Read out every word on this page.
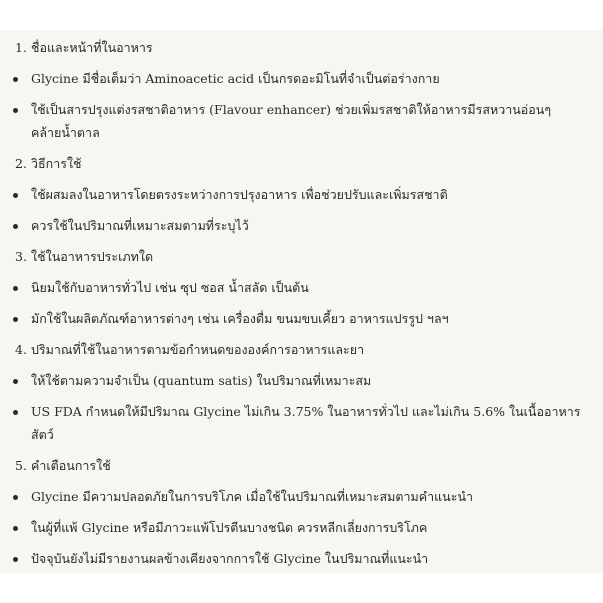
1. ชื่อและหน้าที่ในอาหาร
Glycine มีชื่อเต็มว่า Aminoacetic acid เป็นกรดอะมิโนที่จำเป็นต่อร่างกาย
ใช้เป็นสารปรุงแต่งรสชาติอาหาร (Flavour enhancer) ช่วยเพิ่มรสชาติให้อาหารมีรสหวานอ่อนๆ คล้ายน้ำตาล
2. วิธีการใช้
ใช้ผสมลงในอาหารโดยตรงระหว่างการปรุงอาหาร เพื่อช่วยปรับและเพิ่มรสชาติ
ควรใช้ในปริมาณที่เหมาะสมตามที่ระบุไว้
3. ใช้ในอาหารประเภทใด
นิยมใช้กับอาหารทั่วไป เช่น ซุป ซอส น้ำสลัด เป็นต้น
มักใช้ในผลิตภัณฑ์อาหารต่างๆ เช่น เครื่องดื่ม ขนมขบเคี้ยว อาหารแปรรูป ฯลฯ
4. ปริมาณที่ใช้ในอาหารตามข้อกำหนดขององค์การอาหารและยา
ให้ใช้ตามความจำเป็น (quantum satis) ในปริมาณที่เหมาะสม
US FDA กำหนดให้มีปริมาณ Glycine ไม่เกิน 3.75% ในอาหารทั่วไป และไม่เกิน 5.6% ในเนื้ออาหารสัตว์
5. คำเตือนการใช้
Glycine มีความปลอดภัยในการบริโภค เมื่อใช้ในปริมาณที่เหมาะสมตามคำแนะนำ
ในผู้ที่แพ้ Glycine หรือมีภาวะแพ้โปรตีนบางชนิด ควรหลีกเลี่ยงการบริโภค
ปัจจุบันยังไม่มีรายงานผลข้างเคียงจากการใช้ Glycine ในปริมาณที่แนะนำ
